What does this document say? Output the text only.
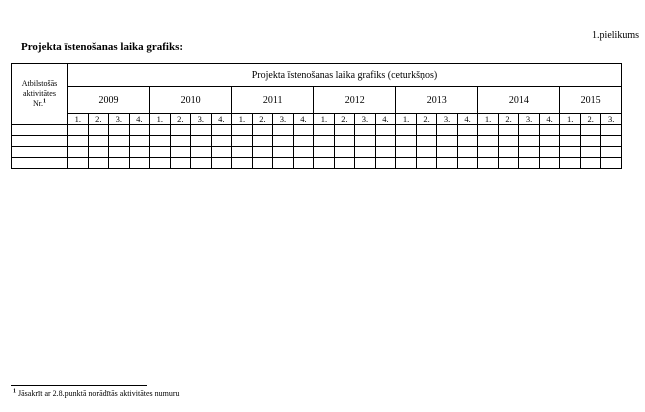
1.pielikums
Projekta īstenošanas laika grafiks:
Atbilstošās
aktivitātes
Nr.$^1$	Projekta īstenošanas laika grafiks (ceturkšņos)																										
	2009				2010				2011				2012				2013				2014				2015		
	1.	2.	3.	4.	1.	2.	3.	4.	1.	2.	3.	4.	1.	2.	3.	4.	1.	2.	3.	4.	1.	2.	3.	4.	1.	2.	3.

$^1$ Jāsakrīt ar 2.8.punktā norādītās aktivitātes numuru
